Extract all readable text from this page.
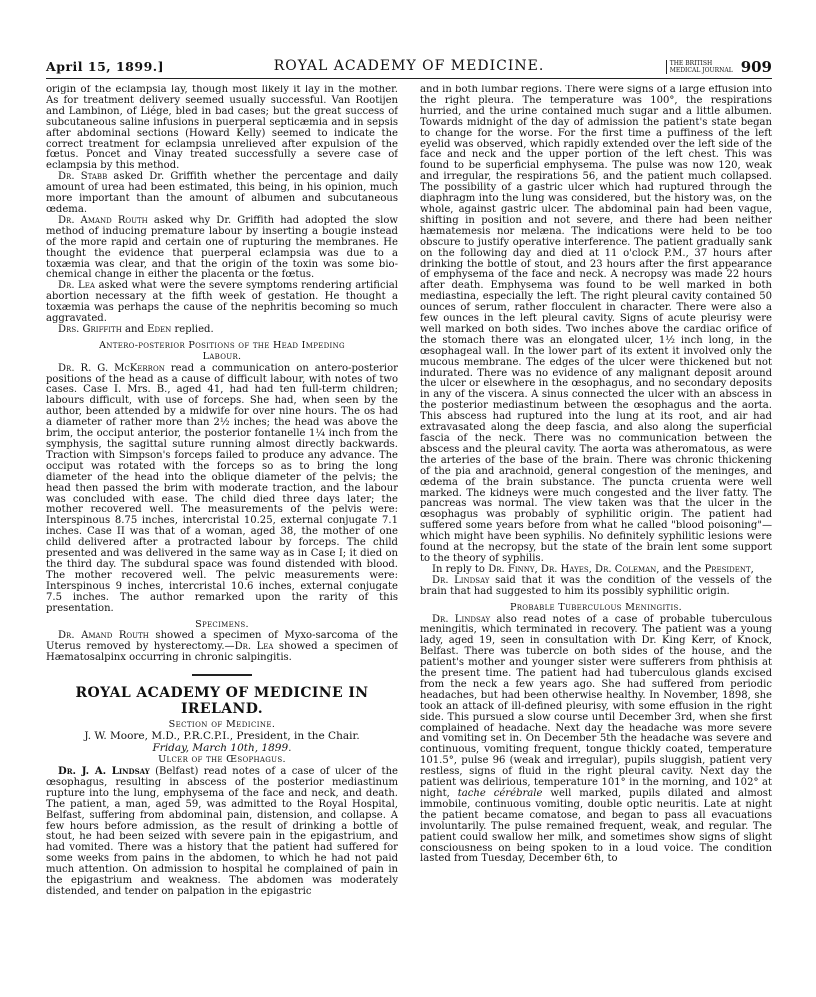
April 15, 1899.]	ROYAL ACADEMY OF MEDICINE.	THE BRITISH
MEDICAL JOURNAL 909

origin of the eclampsia lay, though most likely it lay in the mother. As for treatment delivery seemed usually successful. Van Rootijen and Lambinon, of Liége, bled in bad cases; but the great success of subcutaneous saline infusions in puerperal septicæmia and in sepsis after abdominal sections (Howard Kelly) seemed to indicate the correct treatment for eclampsia unrelieved after expulsion of the fœtus. Poncet and Vinay treated successfully a severe case of eclampsia by this method.

Dr. Stabb asked Dr. Griffith whether the percentage and daily amount of urea had been estimated, this being, in his opinion, much more important than the amount of albumen and subcutaneous œdema.

Dr. Amand Routh asked why Dr. Griffith had adopted the slow method of inducing premature labour by inserting a bougie instead of the more rapid and certain one of rupturing the membranes. He thought the evidence that puerperal eclampsia was due to a toxæmia was clear, and that the origin of the toxin was some bio-chemical change in either the placenta or the fœtus.

Dr. Lea asked what were the severe symptoms rendering artificial abortion necessary at the fifth week of gestation. He thought a toxæmia was perhaps the cause of the nephritis becoming so much aggravated.

Drs. Griffith and Eden replied.

Antero-posterior Positions of the Head Impeding
Labour.

Dr. R. G. McKerron read a communication on antero-posterior positions of the head as a cause of difficult labour, with notes of two cases. Case I. Mrs. B., aged 41, had had ten full-term children; labours difficult, with use of forceps. She had, when seen by the author, been attended by a midwife for over nine hours. The os had a diameter of rather more than 2½ inches; the head was above the brim, the occiput anterior, the posterior fontanelle 1¼ inch from the symphysis, the sagittal suture running almost directly backwards. Traction with Simpson's forceps failed to produce any advance. The occiput was rotated with the forceps so as to bring the long diameter of the head into the oblique diameter of the pelvis; the head then passed the brim with moderate traction, and the labour was concluded with ease. The child died three days later; the mother recovered well. The measurements of the pelvis were: Interspinous 8.75 inches, intercristal 10.25, external conjugate 7.1 inches. Case II was that of a woman, aged 38, the mother of one child delivered after a protracted labour by forceps. The child presented and was delivered in the same way as in Case I; it died on the third day. The subdural space was found distended with blood. The mother recovered well. The pelvic measurements were: Interspinous 9 inches, intercristal 10.6 inches, external conjugate 7.5 inches. The author remarked upon the rarity of this presentation.

Specimens.

Dr. Amand Routh showed a specimen of Myxo-sarcoma of the Uterus removed by hysterectomy.—Dr. Lea showed a specimen of Hæmatosalpinx occurring in chronic salpingitis.

ROYAL ACADEMY OF MEDICINE IN IRELAND.
Section of Medicine.
J. W. Moore, M.D., P.R.C.P.I., President, in the Chair.
Friday, March 10th, 1899.
Ulcer of the Œsophagus.

Dr. J. A. Lindsay (Belfast) read notes of a case of ulcer of the œsophagus, resulting in abscess of the posterior mediastinum rupture into the lung, emphysema of the face and neck, and death. The patient, a man, aged 59, was admitted to the Royal Hospital, Belfast, suffering from abdominal pain, distension, and collapse. A few hours before admission, as the result of drinking a bottle of stout, he had been seized with severe pain in the epigastrium, and had vomited. There was a history that the patient had suffered for some weeks from pains in the abdomen, to which he had not paid much attention. On admission to hospital he complained of pain in the epigastrium and weakness. The abdomen was moderately distended, and tender on palpation in the epigastric

and in both lumbar regions. There were signs of a large effusion into the right pleura. The temperature was 100°, the respirations hurried, and the urine contained much sugar and a little albumen. Towards midnight of the day of admission the patient's state began to change for the worse. For the first time a puffiness of the left eyelid was observed, which rapidly extended over the left side of the face and neck and the upper portion of the left chest. This was found to be superficial emphysema. The pulse was now 120, weak and irregular, the respirations 56, and the patient much collapsed. The possibility of a gastric ulcer which had ruptured through the diaphragm into the lung was considered, but the history was, on the whole, against gastric ulcer. The abdominal pain had been vague, shifting in position and not severe, and there had been neither hæmatemesis nor melæna. The indications were held to be too obscure to justify operative interference. The patient gradually sank on the following day and died at 11 o'clock P.M., 37 hours after drinking the bottle of stout, and 23 hours after the first appearance of emphysema of the face and neck. A necropsy was made 22 hours after death. Emphysema was found to be well marked in both mediastina, especially the left. The right pleural cavity contained 50 ounces of serum, rather flocculent in character. There were also a few ounces in the left pleural cavity. Signs of acute pleurisy were well marked on both sides. Two inches above the cardiac orifice of the stomach there was an elongated ulcer, 1½ inch long, in the œsophageal wall. In the lower part of its extent it involved only the mucous membrane. The edges of the ulcer were thickened but not indurated. There was no evidence of any malignant deposit around the ulcer or elsewhere in the œsophagus, and no secondary deposits in any of the viscera. A sinus connected the ulcer with an abscess in the posterior mediastinum between the œsophagus and the aorta. This abscess had ruptured into the lung at its root, and air had extravasated along the deep fascia, and also along the superficial fascia of the neck. There was no communication between the abscess and the pleural cavity. The aorta was atheromatous, as were the arteries of the base of the brain. There was chronic thickening of the pia and arachnoid, general congestion of the meninges, and œdema of the brain substance. The puncta cruenta were well marked. The kidneys were much congested and the liver fatty. The pancreas was normal. The view taken was that the ulcer in the œsophagus was probably of syphilitic origin. The patient had suffered some years before from what he called "blood poisoning"—which might have been syphilis. No definitely syphilitic lesions were found at the necropsy, but the state of the brain lent some support to the theory of syphilis.

In reply to Dr. Finny, Dr. Hayes, Dr. Coleman, and the President,

Dr. Lindsay said that it was the condition of the vessels of the brain that had suggested to him its possibly syphilitic origin.

Probable Tuberculous Meningitis.

Dr. Lindsay also read notes of a case of probable tuberculous meningitis, which terminated in recovery. The patient was a young lady, aged 19, seen in consultation with Dr. King Kerr, of Knock, Belfast. There was tubercle on both sides of the house, and the patient's mother and younger sister were sufferers from phthisis at the present time. The patient had had tuberculous glands excised from the neck a few years ago. She had suffered from periodic headaches, but had been otherwise healthy. In November, 1898, she took an attack of ill-defined pleurisy, with some effusion in the right side. This pursued a slow course until December 3rd, when she first complained of headache. Next day the headache was more severe and vomiting set in. On December 5th the headache was severe and continuous, vomiting frequent, tongue thickly coated, temperature 101.5°, pulse 96 (weak and irregular), pupils sluggish, patient very restless, signs of fluid in the right pleural cavity. Next day the patient was delirious, temperature 101° in the morning, and 102° at night, tache cérébrale well marked, pupils dilated and almost immobile, continuous vomiting, double optic neuritis. Late at night the patient became comatose, and began to pass all evacuations involuntarily. The pulse remained frequent, weak, and regular. The patient could swallow her milk, and sometimes show signs of slight consciousness on being spoken to in a loud voice. The condition lasted from Tuesday, December 6th, to
